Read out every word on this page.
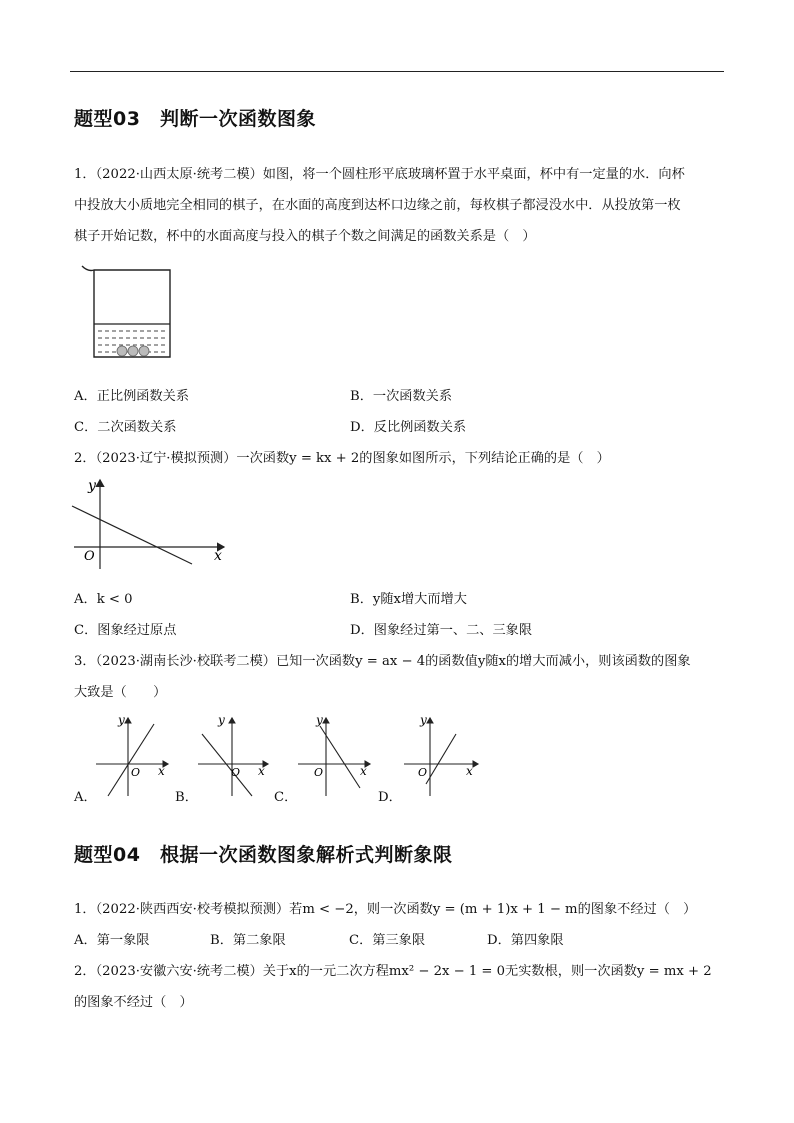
题型03　判断一次函数图象
1．（2022·山西太原·统考二模）如图，将一个圆柱形平底玻璃杯置于水平桌面，杯中有一定量的水．向杯
中投放大小质地完全相同的棋子，在水面的高度到达杯口边缘之前，每枚棋子都浸没水中．从投放第一枚
棋子开始记数，杯中的水面高度与投入的棋子个数之间满足的函数关系是（　）
A．正比例函数关系	B．一次函数关系
C．二次函数关系	D．反比例函数关系
2．（2023·辽宁·模拟预测）一次函数y = kx + 2的图象如图所示，下列结论正确的是（　）
y
x
O
A．k < 0	B．y随x增大而增大
C．图象经过原点	D．图象经过第一、二、三象限
3．（2023·湖南长沙·校联考二模）已知一次函数y = ax − 4的函数值y随x的增大而减小，则该函数的图象
大致是（　　）
y
O x
y
O x
y
O	x
y
O	x
A．	B．	C．	D．
题型04　根据一次函数图象解析式判断象限
1．（2022·陕西西安·校考模拟预测）若m < −2，则一次函数y = (m + 1)x + 1 − m的图象不经过（　）
A．第一象限	B．第二象限	C．第三象限	D．第四象限
2．（2023·安徽六安·统考二模）关于x的一元二次方程mx² − 2x − 1 = 0无实数根，则一次函数y = mx + 2
的图象不经过（　）
